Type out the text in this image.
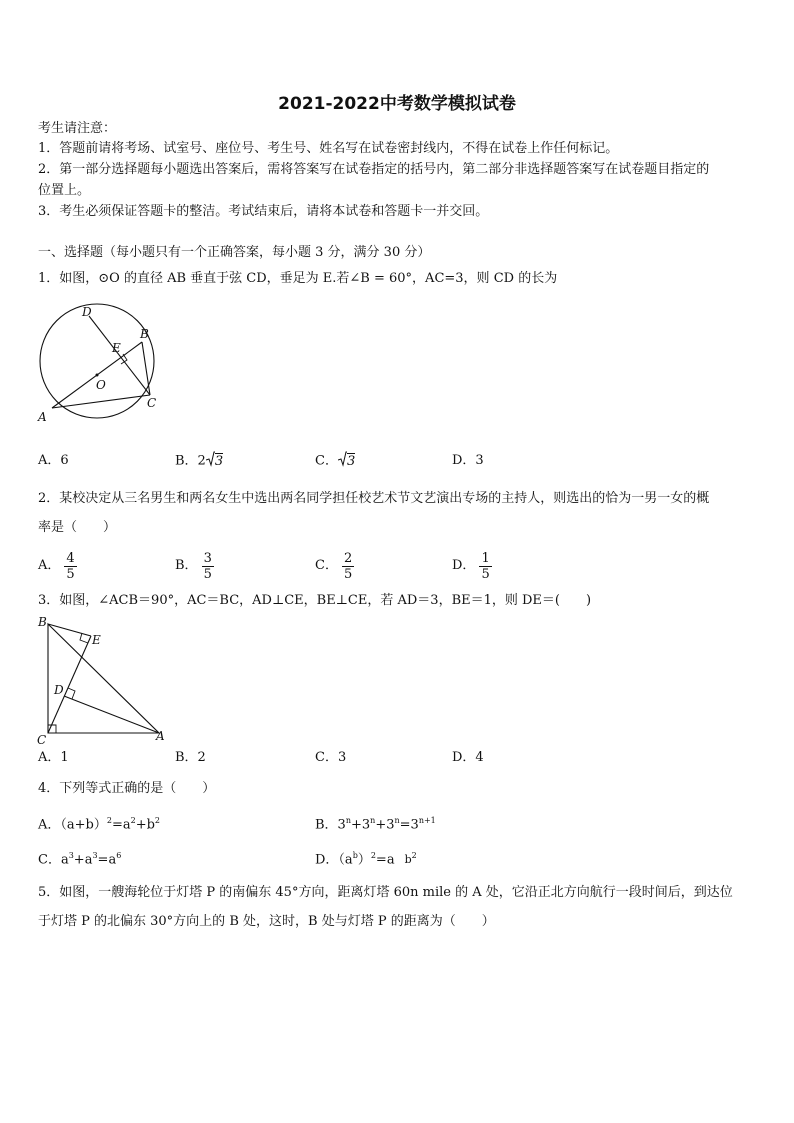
2021-2022中考数学模拟试卷
考生请注意：
1．答题前请将考场、试室号、座位号、考生号、姓名写在试卷密封线内，不得在试卷上作任何标记。
2．第一部分选择题每小题选出答案后，需将答案写在试卷指定的括号内，第二部分非选择题答案写在试卷题目指定的
位置上。
3．考生必须保证答题卡的整洁。考试结束后，请将本试卷和答题卡一并交回。
一、选择题（每小题只有一个正确答案，每小题 3 分，满分 30 分）
1．如图，⊙O 的直径 AB 垂直于弦 CD，垂足为 E.若∠B = 60°，AC=3，则 CD 的长为
D
B
E
O
A
C
A．6	B．2 3	C． 3	D．3
2．某校决定从三名男生和两名女生中选出两名同学担任校艺术节文艺演出专场的主持人，则选出的恰为一男一女的概
率是（　　）
A． $\frac{4}{5}$	B． $\frac{3}{5}$	C． $\frac{2}{5}$	D． $\frac{1}{5}$
3．如图，∠ACB＝90°，AC＝BC，AD⊥CE，BE⊥CE，若 AD＝3，BE＝1，则 DE＝(　　)
B
E
D
C	A
A．1	B．2	C．3	D．4
4．下列等式正确的是（　　）
A．$(a+b)^2=a^2+b^2$	B．$3^n+3^n+3^n=3^{n+1}$
C．$a^3+a^3=a^6$	D．$(a^b)^2=a$ $b^2$
5．如图，一艘海轮位于灯塔 P 的南偏东 45°方向，距离灯塔 60n mile 的 A 处，它沿正北方向航行一段时间后，到达位
于灯塔 P 的北偏东 30°方向上的 B 处，这时，B 处与灯塔 P 的距离为（　　）
